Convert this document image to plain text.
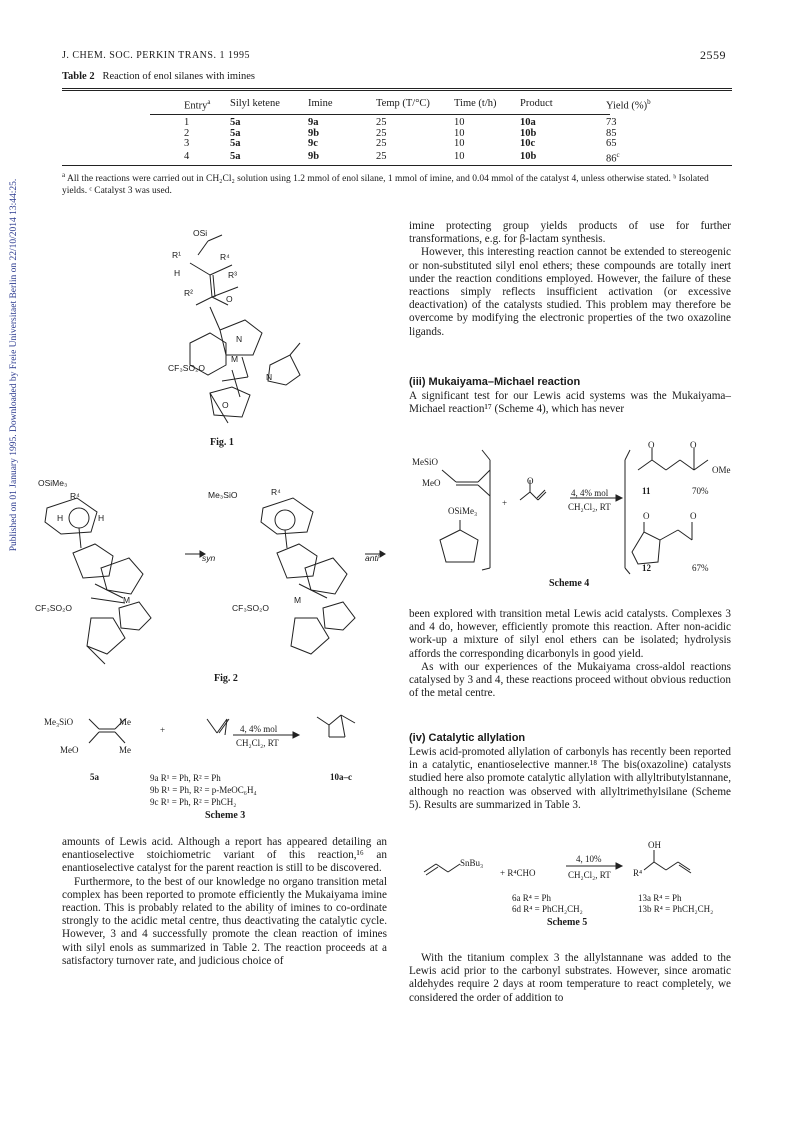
J. CHEM. SOC. PERKIN TRANS. 1 1995	2559
Published on 01 January 1995. Downloaded by Freie Universitaet Berlin on 22/10/2014 13:44:25.
Table 2 Reaction of enol silanes with imines
Entry$^a$	Silyl ketene	Imine	Temp (T/°C)	Time (t/h)	Product	Yield (%)$^b$
1	5a	9a	25	10	10a	73
2	5a	9b	25	10	10b	85
3	5a	9c	25	10	10c	65
4	5a	9b	25	10	10b	86$^c$
$^a$ All the reactions were carried out in CH₂Cl₂ solution using 1.2 mmol of enol silane, 1 mmol of imine, and 0.04 mmol of the catalyst 4, unless otherwise stated. ᵇ Isolated yields. ᶜ Catalyst 3 was used.
OSi
R¹	R⁴
H	R³
R²
O
N
M
CF₃SO₂O
N
O
Fig. 1
OSiMe₃
R⁴
H	H
syn
Me₃SiO	R⁴
anti
M
CF₃SO₂O
M
CF₃SO₂O
Fig. 2
Me₃SiO	Me
MeO	Me
+	4, 4% mol
CH₂Cl₂, RT
5a	9a R¹ = Ph, R² = Ph
9b R¹ = Ph, R² = p-MeOC₆H₄
9c R¹ = Ph, R² = PhCH₂
10a–c
Scheme 3

amounts of Lewis acid. Although a report has appeared detailing an enantioselective stoichiometric variant of this reaction,¹⁶ an enantioselective catalyst for the parent reaction is still to be discovered.

Furthermore, to the best of our knowledge no organo transition metal complex has been reported to promote efficiently the Mukaiyama imine reaction. This is probably related to the ability of imines to co-ordinate strongly to the acidic metal centre, thus deactivating the catalytic cycle. However, 3 and 4 successfully promote the clean reaction of imines with silyl enols as summarized in Table 2. The reaction proceeds at a satisfactory turnover rate, and judicious choice of

imine protecting group yields products of use for further transformations, e.g. for β-lactam synthesis.

However, this interesting reaction cannot be extended to stereogenic or non-substituted silyl enol ethers; these compounds are totally inert under the reaction conditions employed. However, the failure of these reactions simply reflects insufficient activation (or excessive deactivation) of the catalysts studied. This problem may therefore be overcome by modifying the electronic properties of the two oxazoline ligands.

(iii) Mukaiyama–Michael reaction
A significant test for our Lewis acid systems was the Mukaiyama–Michael reaction¹⁷ (Scheme 4), which has never
MeSiO
MeO
OSiMe₃
+
O
4, 4% mol
CH₂Cl₂, RT
O	O
OMe
11	70%
O	O
12	67%
Scheme 4

been explored with transition metal Lewis acid catalysts. Complexes 3 and 4 do, however, efficiently promote this reaction. After non-acidic work-up a mixture of silyl enol ethers can be isolated; hydrolysis affords the corresponding dicarbonyls in good yield.

As with our experiences of the Mukaiyama cross-aldol reactions catalysed by 3 and 4, these reactions proceed without obvious reduction of the metal centre.

(iv) Catalytic allylation
Lewis acid-promoted allylation of carbonyls has recently been reported in a catalytic, enantioselective manner.¹⁸ The bis(oxazoline) catalysts studied here also promote catalytic allylation with allyltributylstannane, although no reaction was observed with allyltrimethylsilane (Scheme 5). Results are summarized in Table 3.
SnBu₃
+ R⁴CHO
4, 10%
CH₂Cl₂, RT
OH
R⁴
6a R⁴ = Ph
6d R⁴ = PhCH₂CH₂
13a R⁴ = Ph
13b R⁴ = PhCH₂CH₂
Scheme 5
With the titanium complex 3 the allylstannane was added to the Lewis acid prior to the carbonyl substrates. However, since aromatic aldehydes require 2 days at room temperature to react completely, we considered the order of addition to
